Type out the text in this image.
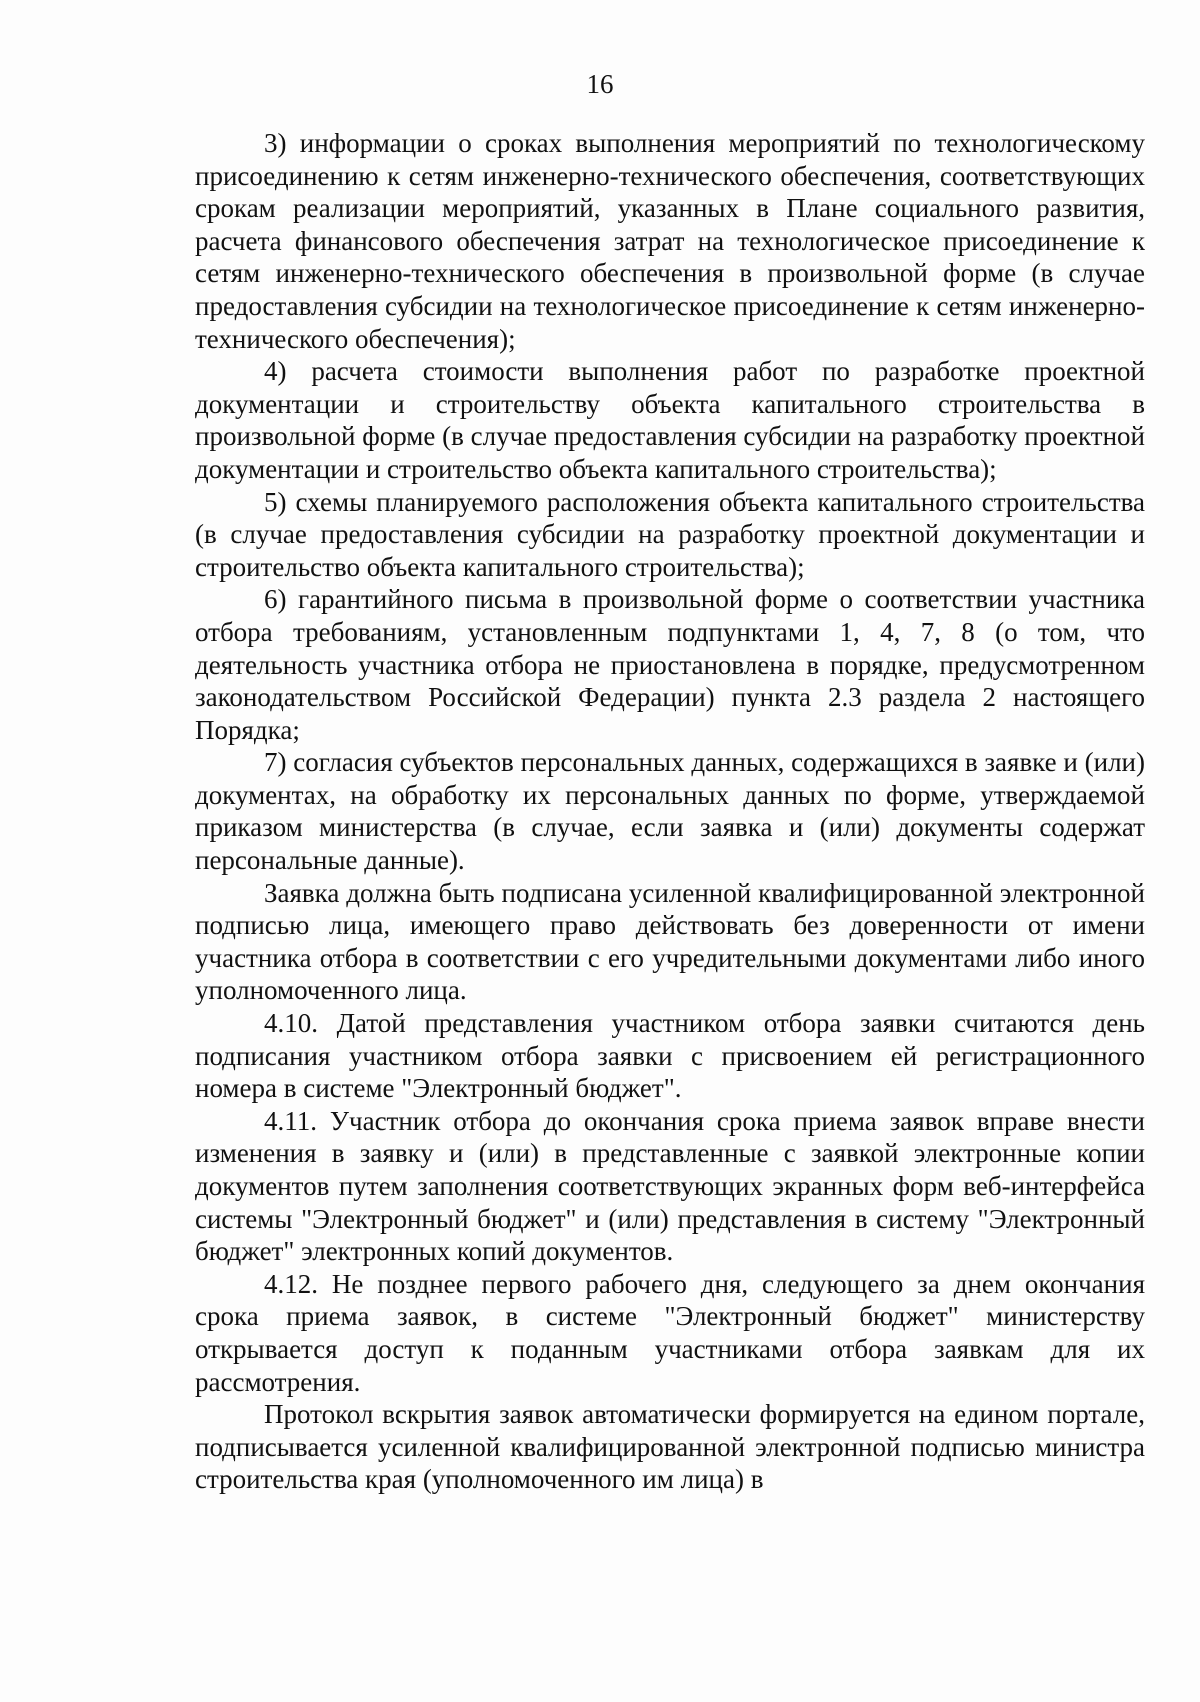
16

3) информации о сроках выполнения мероприятий по технологическому присоединению к сетям инженерно-технического обеспечения, соответствующих срокам реализации мероприятий, указанных в Плане социального развития, расчета финансового обеспечения затрат на технологическое присоединение к сетям инженерно-технического обеспечения в произвольной форме (в случае предоставления субсидии на технологическое присоединение к сетям инженерно-технического обеспечения);

4) расчета стоимости выполнения работ по разработке проектной документации и строительству объекта капитального строительства в произвольной форме (в случае предоставления субсидии на разработку проектной документации и строительство объекта капитального строительства);

5) схемы планируемого расположения объекта капитального строительства (в случае предоставления субсидии на разработку проектной документации и строительство объекта капитального строительства);

6) гарантийного письма в произвольной форме о соответствии участника отбора требованиям, установленным подпунктами 1, 4, 7, 8 (о том, что деятельность участника отбора не приостановлена в порядке, предусмотренном законодательством Российской Федерации) пункта 2.3 раздела 2 настоящего Порядка;

7) согласия субъектов персональных данных, содержащихся в заявке и (или) документах, на обработку их персональных данных по форме, утверждаемой приказом министерства (в случае, если заявка и (или) документы содержат персональные данные).

Заявка должна быть подписана усиленной квалифицированной электронной подписью лица, имеющего право действовать без доверенности от имени участника отбора в соответствии с его учредительными документами либо иного уполномоченного лица.

4.10. Датой представления участником отбора заявки считаются день подписания участником отбора заявки с присвоением ей регистрационного номера в системе "Электронный бюджет".

4.11. Участник отбора до окончания срока приема заявок вправе внести изменения в заявку и (или) в представленные с заявкой электронные копии документов путем заполнения соответствующих экранных форм веб-интерфейса системы "Электронный бюджет" и (или) представления в систему "Электронный бюджет" электронных копий документов.

4.12. Не позднее первого рабочего дня, следующего за днем окончания срока приема заявок, в системе "Электронный бюджет" министерству открывается доступ к поданным участниками отбора заявкам для их рассмотрения.

Протокол вскрытия заявок автоматически формируется на едином портале, подписывается усиленной квалифицированной электронной подписью министра строительства края (уполномоченного им лица) в
